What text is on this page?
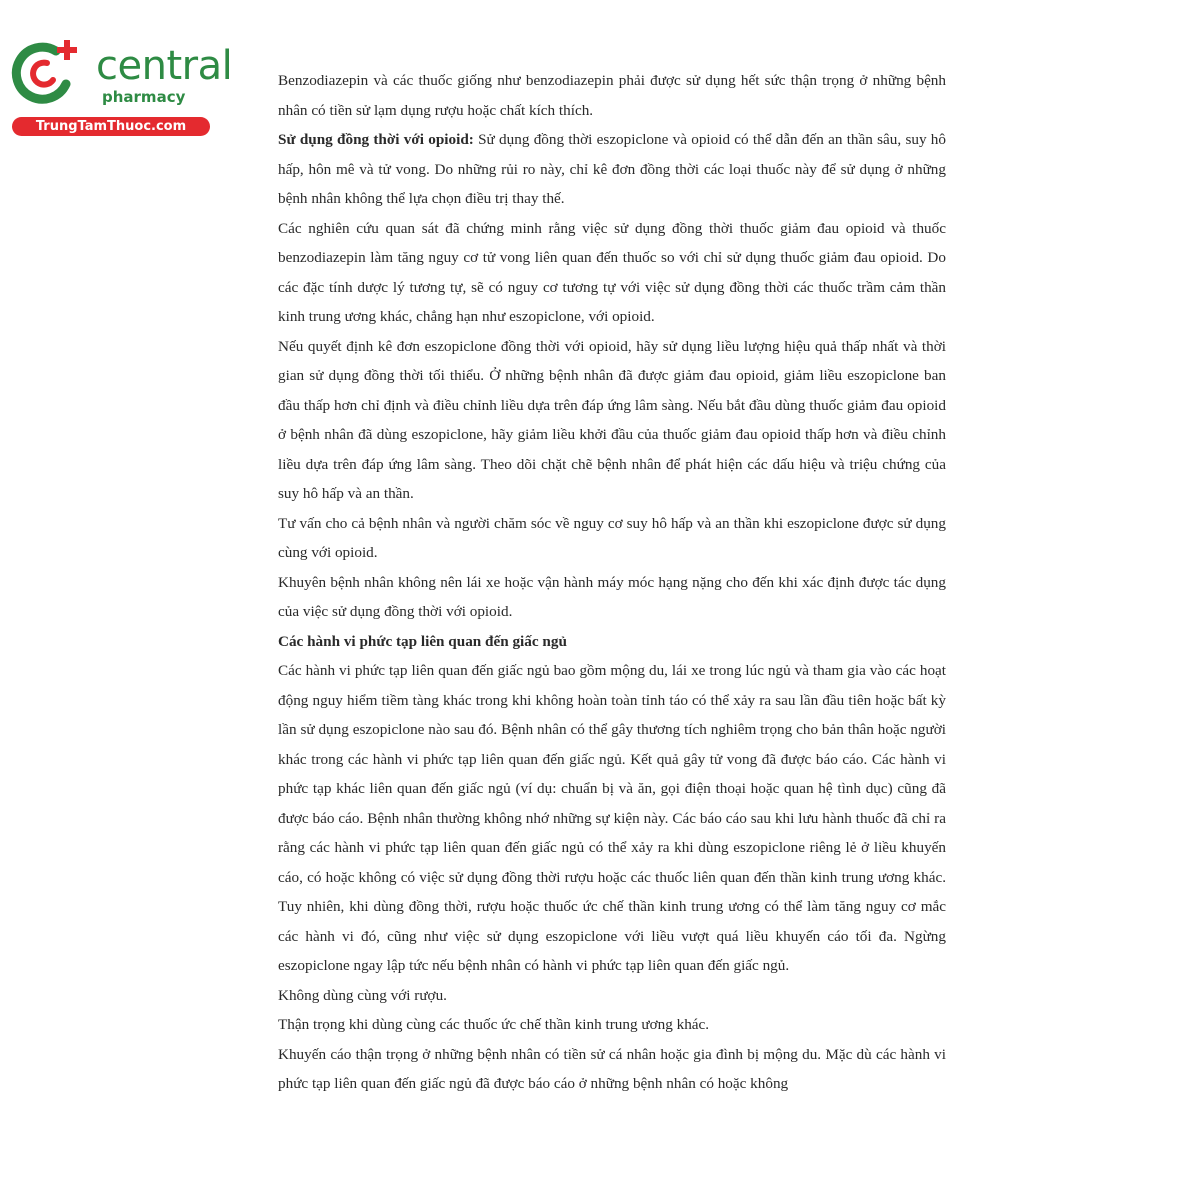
central
pharmacy
TrungTamThuoc.com

Benzodiazepin và các thuốc giống như benzodiazepin phải được sử dụng hết sức thận trọng ở những bệnh nhân có tiền sử lạm dụng rượu hoặc chất kích thích.

Sử dụng đồng thời với opioid: Sử dụng đồng thời eszopiclone và opioid có thể dẫn đến an thần sâu, suy hô hấp, hôn mê và tử vong. Do những rủi ro này, chỉ kê đơn đồng thời các loại thuốc này để sử dụng ở những bệnh nhân không thể lựa chọn điều trị thay thế.

Các nghiên cứu quan sát đã chứng minh rằng việc sử dụng đồng thời thuốc giảm đau opioid và thuốc benzodiazepin làm tăng nguy cơ tử vong liên quan đến thuốc so với chỉ sử dụng thuốc giảm đau opioid. Do các đặc tính dược lý tương tự, sẽ có nguy cơ tương tự với việc sử dụng đồng thời các thuốc trầm cảm thần kinh trung ương khác, chẳng hạn như eszopiclone, với opioid.

Nếu quyết định kê đơn eszopiclone đồng thời với opioid, hãy sử dụng liều lượng hiệu quả thấp nhất và thời gian sử dụng đồng thời tối thiểu. Ở những bệnh nhân đã được giảm đau opioid, giảm liều eszopiclone ban đầu thấp hơn chỉ định và điều chỉnh liều dựa trên đáp ứng lâm sàng. Nếu bắt đầu dùng thuốc giảm đau opioid ở bệnh nhân đã dùng eszopiclone, hãy giảm liều khởi đầu của thuốc giảm đau opioid thấp hơn và điều chỉnh liều dựa trên đáp ứng lâm sàng. Theo dõi chặt chẽ bệnh nhân để phát hiện các dấu hiệu và triệu chứng của suy hô hấp và an thần.

Tư vấn cho cả bệnh nhân và người chăm sóc về nguy cơ suy hô hấp và an thần khi eszopiclone được sử dụng cùng với opioid.

Khuyên bệnh nhân không nên lái xe hoặc vận hành máy móc hạng nặng cho đến khi xác định được tác dụng của việc sử dụng đồng thời với opioid.

Các hành vi phức tạp liên quan đến giấc ngủ

Các hành vi phức tạp liên quan đến giấc ngủ bao gồm mộng du, lái xe trong lúc ngủ và tham gia vào các hoạt động nguy hiểm tiềm tàng khác trong khi không hoàn toàn tỉnh táo có thể xảy ra sau lần đầu tiên hoặc bất kỳ lần sử dụng eszopiclone nào sau đó. Bệnh nhân có thể gây thương tích nghiêm trọng cho bản thân hoặc người khác trong các hành vi phức tạp liên quan đến giấc ngủ. Kết quả gây tử vong đã được báo cáo. Các hành vi phức tạp khác liên quan đến giấc ngủ (ví dụ: chuẩn bị và ăn, gọi điện thoại hoặc quan hệ tình dục) cũng đã được báo cáo. Bệnh nhân thường không nhớ những sự kiện này. Các báo cáo sau khi lưu hành thuốc đã chỉ ra rằng các hành vi phức tạp liên quan đến giấc ngủ có thể xảy ra khi dùng eszopiclone riêng lẻ ở liều khuyến cáo, có hoặc không có việc sử dụng đồng thời rượu hoặc các thuốc liên quan đến thần kinh trung ương khác. Tuy nhiên, khi dùng đồng thời, rượu hoặc thuốc ức chế thần kinh trung ương có thể làm tăng nguy cơ mắc các hành vi đó, cũng như việc sử dụng eszopiclone với liều vượt quá liều khuyến cáo tối đa. Ngừng eszopiclone ngay lập tức nếu bệnh nhân có hành vi phức tạp liên quan đến giấc ngủ.

Không dùng cùng với rượu.

Thận trọng khi dùng cùng các thuốc ức chế thần kinh trung ương khác.

Khuyến cáo thận trọng ở những bệnh nhân có tiền sử cá nhân hoặc gia đình bị mộng du. Mặc dù các hành vi phức tạp liên quan đến giấc ngủ đã được báo cáo ở những bệnh nhân có hoặc không
